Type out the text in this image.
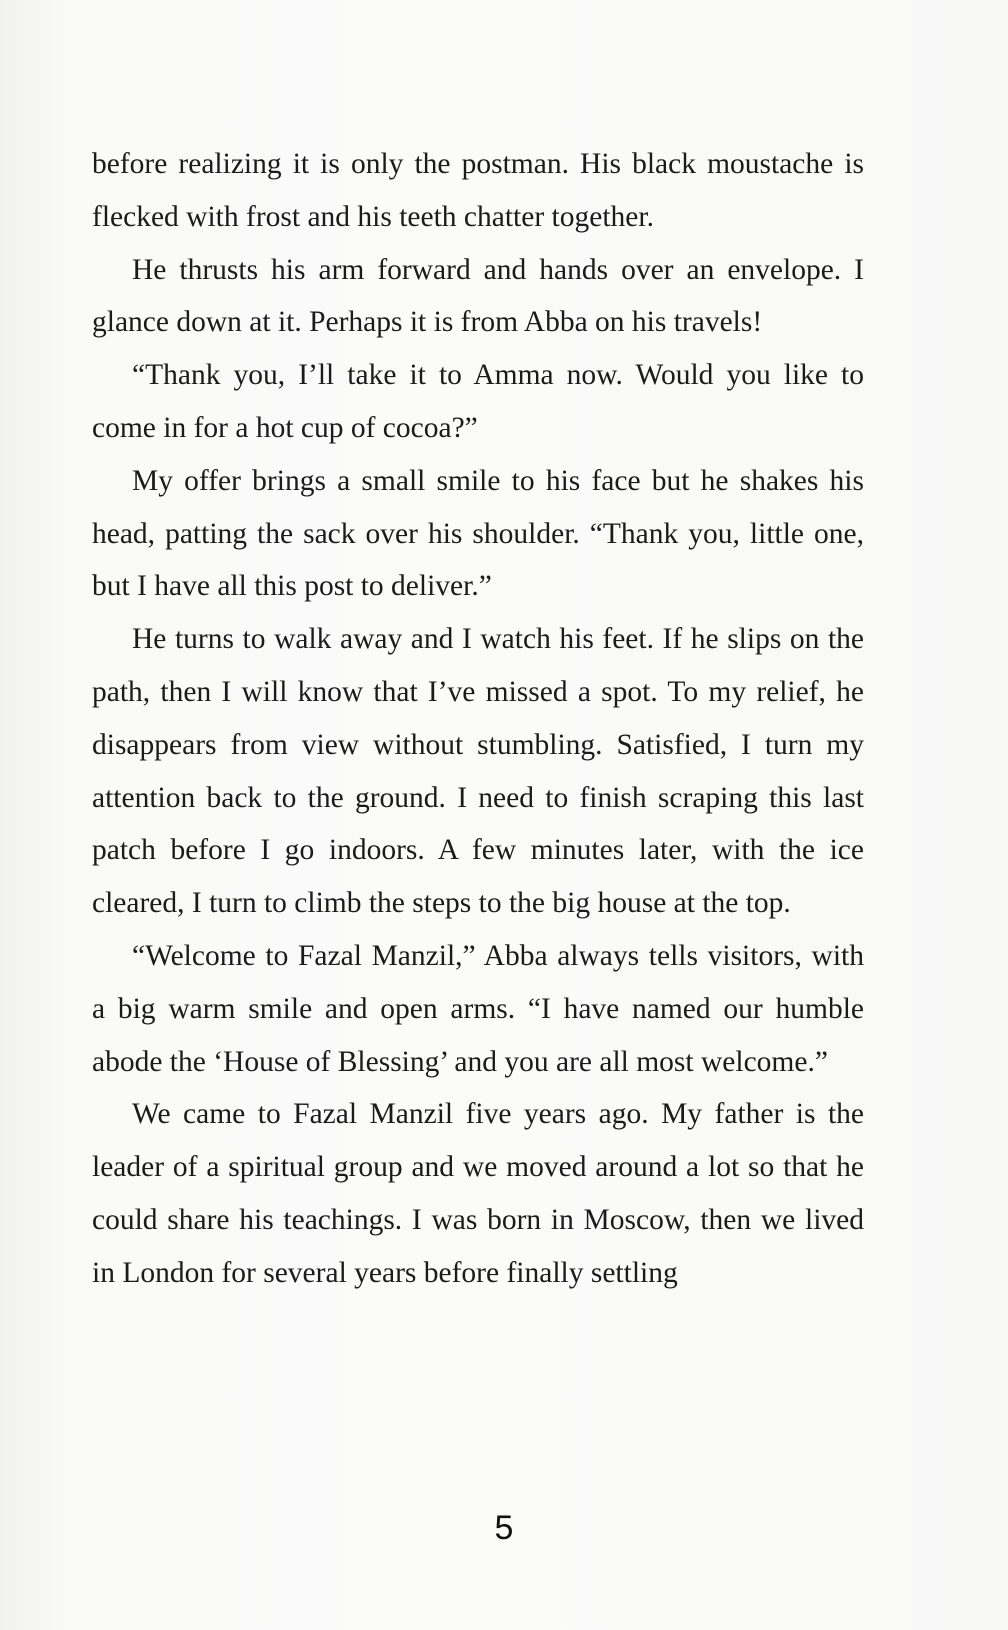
before realizing it is only the postman. His black moustache is flecked with frost and his teeth chatter together.

He thrusts his arm forward and hands over an envelope. I glance down at it. Perhaps it is from Abba on his travels!

“Thank you, I’ll take it to Amma now. Would you like to come in for a hot cup of cocoa?”

My offer brings a small smile to his face but he shakes his head, patting the sack over his shoulder. “Thank you, little one, but I have all this post to deliver.”

He turns to walk away and I watch his feet. If he slips on the path, then I will know that I’ve missed a spot. To my relief, he disappears from view without stumbling. Satisfied, I turn my attention back to the ground. I need to finish scraping this last patch before I go indoors. A few minutes later, with the ice cleared, I turn to climb the steps to the big house at the top.

“Welcome to Fazal Manzil,” Abba always tells visitors, with a big warm smile and open arms. “I have named our humble abode the ‘House of Blessing’ and you are all most welcome.”

We came to Fazal Manzil five years ago. My father is the leader of a spiritual group and we moved around a lot so that he could share his teachings. I was born in Moscow, then we lived in London for several years before finally settling

5
